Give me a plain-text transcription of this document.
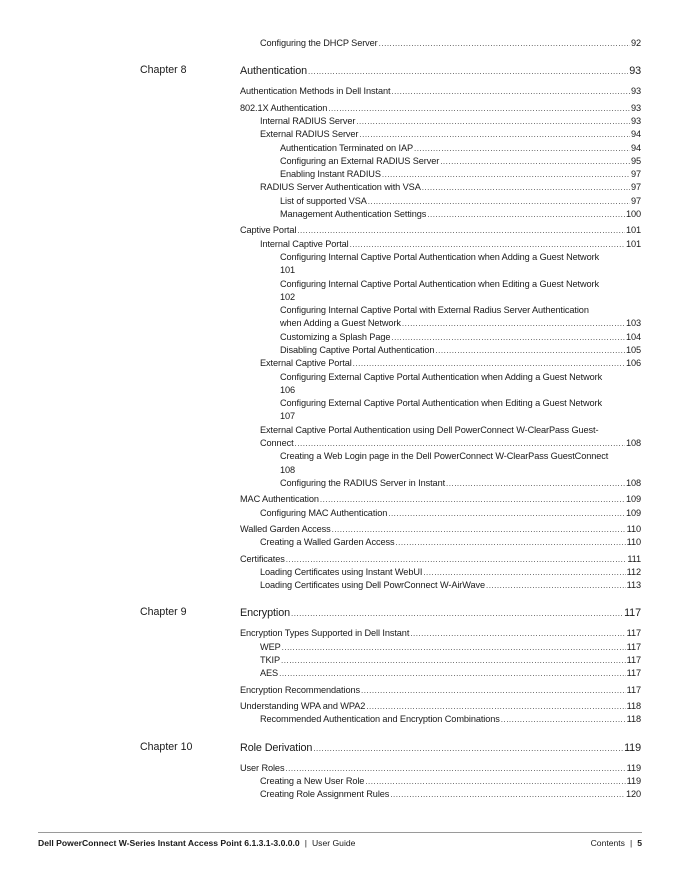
Configuring the DHCP Server .....	92
Chapter 8	Authentication .....	93
Authentication Methods in Dell Instant .....	93
802.1X Authentication .....	93
Internal RADIUS Server .....	93
External RADIUS Server .....	94
Authentication Terminated on IAP .....	94
Configuring an External RADIUS Server .....	95
Enabling Instant RADIUS .....	97
RADIUS Server Authentication with VSA .....	97
List of supported VSA .....	97
Management Authentication Settings .....	100
Captive Portal .....	101
Internal Captive Portal .....	101
Configuring Internal Captive Portal Authentication when Adding a Guest Network
101
Configuring Internal Captive Portal Authentication when Editing a Guest Network
102
Configuring Internal Captive Portal with External Radius Server Authentication
when Adding a Guest Network .....	103
Customizing a Splash Page .....	104
Disabling Captive Portal Authentication .....	105
External Captive Portal .....	106
Configuring External Captive Portal Authentication when Adding a Guest Network
106
Configuring External Captive Portal Authentication when Editing a Guest Network
107
External Captive Portal Authentication using Dell PowerConnect W-ClearPass Guest-
Connect .....	108
Creating a Web Login page in the Dell PowerConnect W-ClearPass GuestConnect
108
Configuring the RADIUS Server in Instant .....	108
MAC Authentication .....	109
Configuring MAC Authentication .....	109
Walled Garden Access .....	110
Creating a Walled Garden Access .....	110
Certificates .....	111
Loading Certificates using Instant WebUI .....	112
Loading Certificates using Dell PowrConnect W-AirWave .....	113
Chapter 9	Encryption .....	117
Encryption Types Supported in Dell Instant .....	117
WEP .....	117
TKIP .....	117
AES .....	117
Encryption Recommendations .....	117
Understanding WPA and WPA2 .....	118
Recommended Authentication and Encryption Combinations .....	118
Chapter 10	Role Derivation .....	119
User Roles .....	119
Creating a New User Role .....	119
Creating Role Assignment Rules .....	120
Dell PowerConnect W-Series Instant Access Point 6.1.3.1-3.0.0.0 | User Guide	Contents | 5
